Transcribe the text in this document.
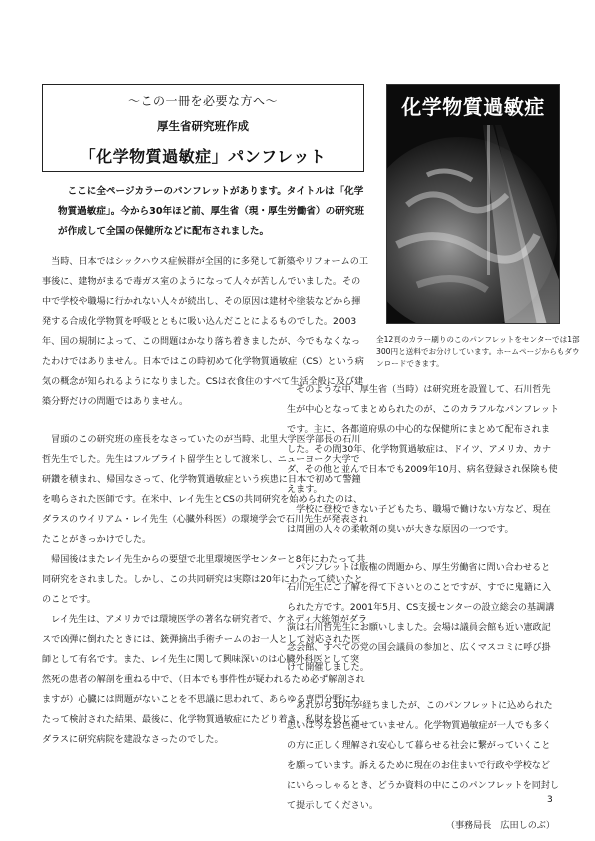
〜この一冊を必要な方へ〜
厚生省研究班作成
「化学物質過敏症」パンフレット

ここに全ページカラーのパンフレットがあります。タイトルは「化学物質過敏症」。今から30年ほど前、厚生省（現・厚生労働省）の研究班が作成して全国の保健所などに配布されました。

当時、日本ではシックハウス症候群が全国的に多発して新築やリフォームの工事後に、建物がまるで毒ガス室のようになって人々が苦しんでいました。その中で学校や職場に行かれない人々が続出し、その原因は建材や塗装などから揮発する合成化学物質を呼吸とともに吸い込んだことによるものでした。2003年、国の規制によって、この問題はかなり落ち着きましたが、今でもなくなったわけではありません。日本ではこの時初めて化学物質過敏症（CS）という病気の概念が知られるようになりました。CSは衣食住のすべて生活全般に及び建築分野だけの問題ではありません。

冒頭のこの研究班の座長をなさっていたのが当時、北里大学医学部長の石川哲先生でした。先生はフルブライト留学生として渡米し、ニューヨーク大学で研鑽を積まれ、帰国なさって、化学物質過敏症という疾患に日本で初めて警鐘を鳴らされた医師です。在米中、レイ先生とCSの共同研究を始められたのは、ダラスのウイリアム・レイ先生（心臓外科医）の環境学会で石川先生が発表されたことがきっかけでした。

帰国後はまたレイ先生からの要望で北里環境医学センターと8年にわたって共同研究をされました。しかし、この共同研究は実際は20年にわたって続いたとのことです。

レイ先生は、アメリカでは環境医学の著名な研究者で、ケネディ大統領がダラスで凶弾に倒れたときには、銃弾摘出手術チームのお一人として対応された医師として有名です。また、レイ先生に関して興味深いのは心臓外科医として突然死の患者の解剖を重ねる中で、（日本でも事件性が疑われるため必ず解剖されますが）心臓には問題がないことを不思議に思われて、あらゆる専門分野にわたって検討された結果、最後に、化学物質過敏症にたどり着き、私財を投じてダラスに研究病院を建設なさったのでした。

化学物質過敏症

全12頁のカラー刷りのこのパンフレットをセンターでは1部300円と送料でお分けしています。ホームページからもダウンロードできます。

そのような中、厚生省（当時）は研究班を設置して、石川哲先生が中心となってまとめられたのが、このカラフルなパンフレットです。主に、各都道府県の中心的な保健所にまとめて配布されました。その間30年、化学物質過敏症は、ドイツ、アメリカ、カナダ、その他と並んで日本でも2009年10月、病名登録され保険も使えます。

学校に登校できない子どもたち、職場で働けない方など、現在は周囲の人々の柔軟剤の臭いが大きな原因の一つです。

パンフレットは版権の問題から、厚生労働省に問い合わせると石川先生にご了解を得て下さいとのことですが、すでに鬼籍に入られた方です。2001年5月、CS支援センターの設立総会の基調講演は石川哲先生にお願いしました。会場は議員会館も近い憲政記念会館、すべての党の国会議員の参加と、広くマスコミに呼び掛けて開催しました。

あれから30年が経ちましたが、このパンフレットに込められた思いは今なお色褪せていません。化学物質過敏症が一人でも多くの方に正しく理解され安心して暮らせる社会に繋がっていくことを願っています。訴えるために現在のお住まいで行政や学校などにいらっしゃるとき、どうか資料の中にこのパンフレットを同封して提示してください。

（事務局長　広田しのぶ）

3
